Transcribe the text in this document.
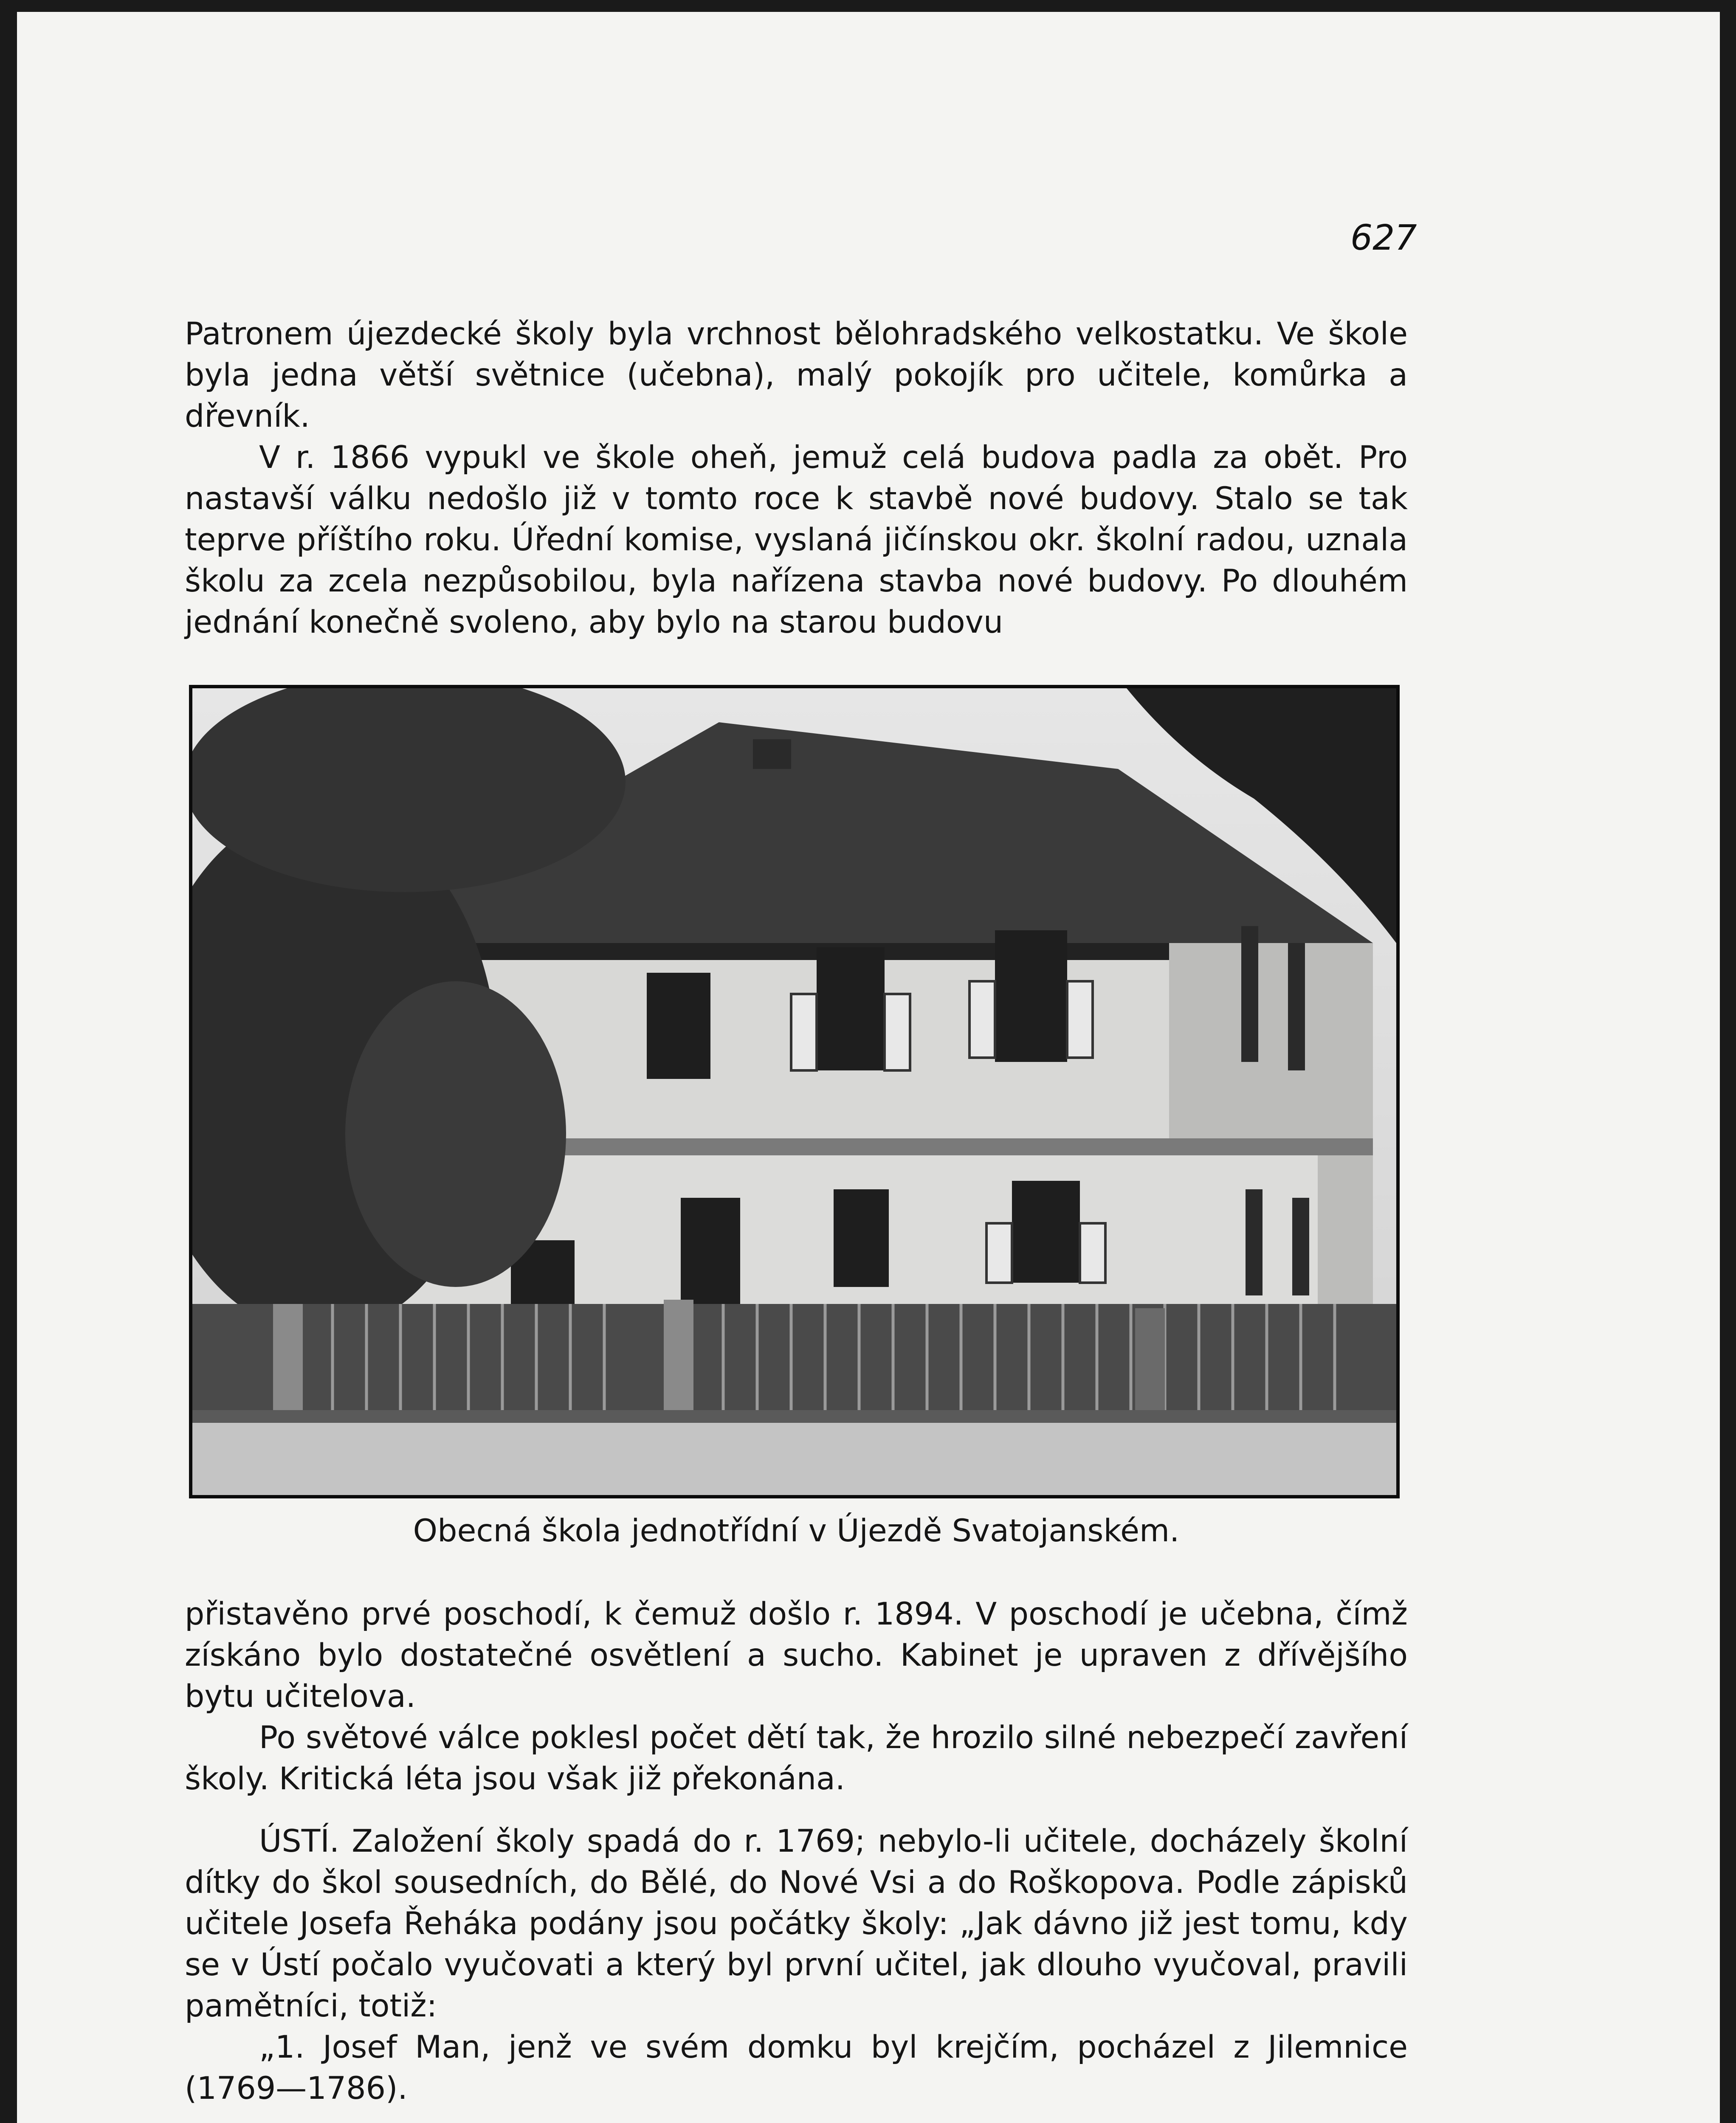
627

Patronem újezdecké školy byla vrchnost bělohradského velkostatku. Ve škole byla jedna větší světnice (učebna), malý pokojík pro učitele, komůrka a dřevník.

V r. 1866 vypukl ve škole oheň, jemuž celá budova padla za obět. Pro nastavší válku nedošlo již v tomto roce k stavbě nové budovy. Stalo se tak teprve příštího roku. Úřední komise, vyslaná jičínskou okr. školní radou, uznala školu za zcela nezpůsobilou, byla nařízena stavba nové budovy. Po dlouhém jednání konečně svoleno, aby bylo na starou budovu

Obecná škola jednotřídní v Újezdě Svatojanském.

přistavěno prvé poschodí, k čemuž došlo r. 1894. V poschodí je učebna, čímž získáno bylo dostatečné osvětlení a sucho. Kabinet je upraven z dřívějšího bytu učitelova.

Po světové válce poklesl počet dětí tak, že hrozilo silné nebezpečí zavření školy. Kritická léta jsou však již překonána.

ÚSTÍ. Založení školy spadá do r. 1769; nebylo-li učitele, docházely školní dítky do škol sousedních, do Bělé, do Nové Vsi a do Roškopova. Podle zápisků učitele Josefa Řeháka podány jsou počátky školy: „Jak dávno již jest tomu, kdy se v Ústí počalo vyučovati a který byl první učitel, jak dlouho vyučoval, pravili pamětníci, totiž:

„1. Josef Man, jenž ve svém domku byl krejčím, pocházel z Jilemnice (1769—1786).
